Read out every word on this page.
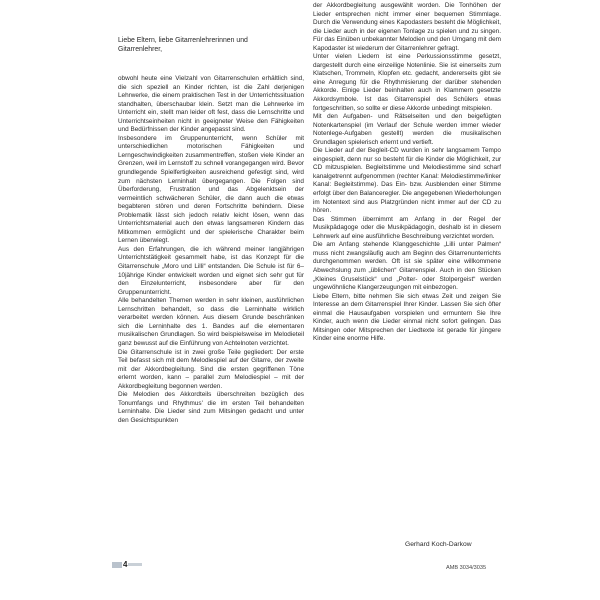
Liebe Eltern, liebe Gitarrenlehrerinnen und
Gitarrenlehrer,

obwohl heute eine Vielzahl von Gitarrenschulen erhältlich sind, die sich speziell an Kinder richten, ist die Zahl derjenigen Lehrwerke, die einem praktischen Test in der Unterrichtssituation standhalten, überschaubar klein. Setzt man die Lehrwerke im Unterricht ein, stellt man leider oft fest, dass die Lernschritte und Unterrichtseinheiten nicht in geeigneter Weise den Fähigkeiten und Bedürfnissen der Kinder angepasst sind.

Insbesondere im Gruppenunterricht, wenn Schüler mit unterschiedlichen motorischen Fähigkeiten und Lerngeschwindigkeiten zusammentreffen, stoßen viele Kinder an Grenzen, weil im Lernstoff zu schnell vorangegangen wird. Bevor grundlegende Spielfertigkeiten ausreichend gefestigt sind, wird zum nächsten Lerninhalt übergegangen. Die Folgen sind Überforderung, Frustration und das Abgelenktsein der vermeintlich schwächeren Schüler, die dann auch die etwas begabteren stören und deren Fortschritte behindern. Diese Problematik lässt sich jedoch relativ leicht lösen, wenn das Unterrichtsmaterial auch den etwas langsameren Kindern das Mitkommen ermöglicht und der spielerische Charakter beim Lernen überwiegt.

Aus den Erfahrungen, die ich während meiner langjährigen Unterrichtstätigkeit gesammelt habe, ist das Konzept für die Gitarrenschule „Moro und Lilli“ entstanden. Die Schule ist für 6–10jährige Kinder entwickelt worden und eignet sich sehr gut für den Einzelunterricht, insbesondere aber für den Gruppenunterricht.

Alle behandelten Themen werden in sehr kleinen, ausführlichen Lernschritten behandelt, so dass die Lerninhalte wirklich verarbeitet werden können. Aus diesem Grunde beschränken sich die Lerninhalte des 1. Bandes auf die elementaren musikalischen Grundlagen. So wird beispielsweise im Melodieteil ganz bewusst auf die Einführung von Achtelnoten verzichtet.

Die Gitarrenschule ist in zwei große Teile gegliedert: Der erste Teil befasst sich mit dem Melodiespiel auf der Gitarre, der zweite mit der Akkordbegleitung. Sind die ersten gegriffenen Töne erlernt worden, kann – parallel zum Melodiespiel – mit der Akkordbegleitung begonnen werden.

Die Melodien des Akkordteils überschreiten bezüglich des Tonumfangs und Rhythmus' die im ersten Teil behandelten Lerninhalte. Die Lieder sind zum Mitsingen gedacht und unter den Gesichtspunkten

der Akkordbegleitung ausgewählt worden. Die Tonhöhen der Lieder entsprechen nicht immer einer bequemen Stimmlage. Durch die Verwendung eines Kapodasters besteht die Möglichkeit, die Lieder auch in der eigenen Tonlage zu spielen und zu singen. Für das Einüben unbekannter Melodien und den Umgang mit dem Kapodaster ist wiederum der Gitarrenlehrer gefragt.

Unter vielen Liedern ist eine Perkussionsstimme gesetzt, dargestellt durch eine einzeilige Notenlinie. Sie ist einerseits zum Klatschen, Trommeln, Klopfen etc. gedacht, andererseits gibt sie eine Anregung für die Rhythmisierung der darüber stehenden Akkorde. Einige Lieder beinhalten auch in Klammern gesetzte Akkordsymbole. Ist das Gitarrenspiel des Schülers etwas fortgeschritten, so sollte er diese Akkorde unbedingt mitspielen.

Mit den Aufgaben- und Rätselseiten und den beigefügten Notenkartenspiel (im Verlauf der Schule werden immer wieder Notenlege-Aufgaben gestellt) werden die musikalischen Grundlagen spielerisch erlernt und vertieft.

Die Lieder auf der Begleit-CD wurden in sehr langsamem Tempo eingespielt, denn nur so besteht für die Kinder die Möglichkeit, zur CD mitzuspielen. Begleitstimme und Melodiestimme sind scharf kanalgetrennt aufgenommen (rechter Kanal: Melodiestimme/linker Kanal: Begleitstimme). Das Ein- bzw. Ausblenden einer Stimme erfolgt über den Balanceregler. Die angegebenen Wiederholungen im Notentext sind aus Platzgründen nicht immer auf der CD zu hören.

Das Stimmen übernimmt am Anfang in der Regel der Musikpädagoge oder die Musikpädagogin, deshalb ist in diesem Lehrwerk auf eine ausführliche Beschreibung verzichtet worden.

Die am Anfang stehende Klanggeschichte „Lilli unter Palmen“ muss nicht zwangsläufig auch am Beginn des Gitarrenunterrichts durchgenommen werden. Oft ist sie später eine willkommene Abwechslung zum „üblichen“ Gitarrenspiel. Auch in den Stücken „Kleines Gruselstück“ und „Polter- oder Stolpergeist“ werden ungewöhnliche Klangerzeugungen mit einbezogen.

Liebe Eltern, bitte nehmen Sie sich etwas Zeit und zeigen Sie Interesse an dem Gitarrenspiel Ihrer Kinder. Lassen Sie sich öfter einmal die Hausaufgaben vorspielen und ermuntern Sie Ihre Kinder, auch wenn die Lieder einmal nicht sofort gelingen. Das Mitsingen oder Mitsprechen der Liedtexte ist gerade für jüngere Kinder eine enorme Hilfe.

Gerhard Koch-Darkow
4	AMB 3034/3035
